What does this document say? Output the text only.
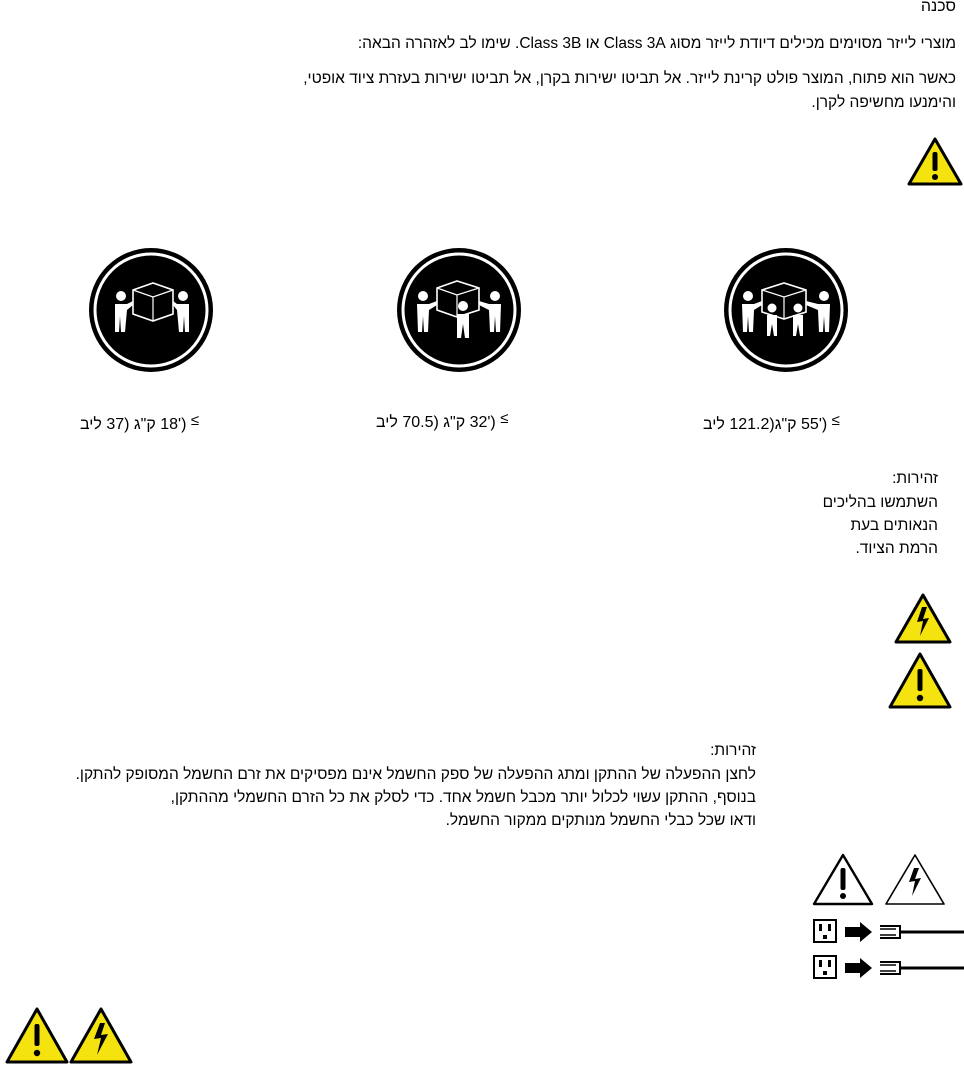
סכנה
מוצרי לייזר מסוימים מכילים דיודת לייזר מסוג Class 3A או Class 3B. שימו לב לאזהרה הבאה:
כאשר הוא פתוח, המוצר פולט קרינת לייזר. אל תביטו ישירות בקרן, אל תביטו ישירות בעזרת ציוד אופטי,
והימנעו מחשיפה לקרן.
('18 ק"ג (37 ליב ≤	('32 ק"ג (70.5 ליב ≤	('55 ק"ג(121.2 ליב ≤
זהירות:
השתמשו בהליכים
הנאותים בעת
הרמת הציוד.
זהירות:
לחצן ההפעלה של ההתקן ומתג ההפעלה של ספק החשמל אינם מפסיקים את זרם החשמל המסופק להתקן.
בנוסף, ההתקן עשוי לכלול יותר מכבל חשמל אחד. כדי לסלק את כל הזרם החשמלי מההתקן,
ודאו שכל כבלי החשמל מנותקים ממקור החשמל.
